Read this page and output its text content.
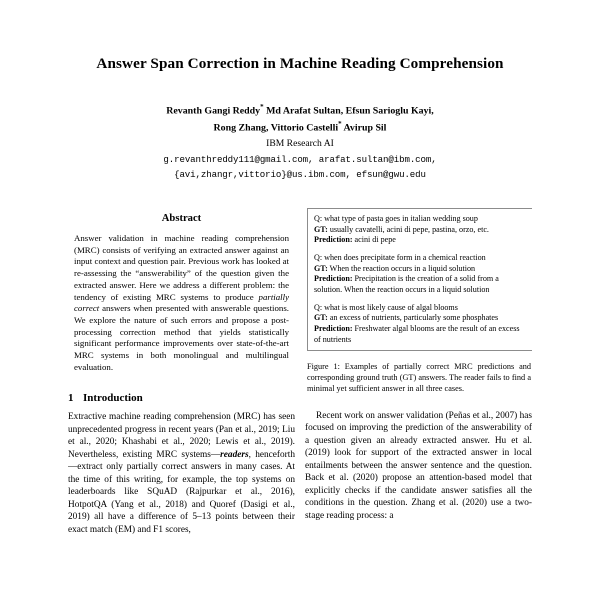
Answer Span Correction in Machine Reading Comprehension
Revanth Gangi Reddy* Md Arafat Sultan, Efsun Sarioglu Kayi,
Rong Zhang, Vittorio Castelli* Avirup Sil
IBM Research AI
g.revanthreddy111@gmail.com, arafat.sultan@ibm.com,
{avi,zhangr,vittorio}@us.ibm.com, efsun@gwu.edu
Abstract
Answer validation in machine reading comprehension (MRC) consists of verifying an extracted answer against an input context and question pair. Previous work has looked at re-assessing the “answerability” of the question given the extracted answer. Here we address a different problem: the tendency of existing MRC systems to produce partially correct answers when presented with answerable questions. We explore the nature of such errors and propose a post-processing correction method that yields statistically significant performance improvements over state-of-the-art MRC systems in both monolingual and multilingual evaluation.
1 Introduction
Extractive machine reading comprehension (MRC) has seen unprecedented progress in recent years (Pan et al., 2019; Liu et al., 2020; Khashabi et al., 2020; Lewis et al., 2019). Nevertheless, existing MRC systems—readers, henceforth—extract only partially correct answers in many cases. At the time of this writing, for example, the top systems on leaderboards like SQuAD (Rajpurkar et al., 2016), HotpotQA (Yang et al., 2018) and Quoref (Dasigi et al., 2019) all have a difference of 5–13 points between their exact match (EM) and F1 scores,
Q: what type of pasta goes in italian wedding soup
GT: usually cavatelli, acini di pepe, pastina, orzo, etc.
Prediction: acini di pepe
Q: when does precipitate form in a chemical reaction
GT: When the reaction occurs in a liquid solution
Prediction: Precipitation is the creation of a solid from a solution. When the reaction occurs in a liquid solution
Q: what is most likely cause of algal blooms
GT: an excess of nutrients, particularly some phosphates
Prediction: Freshwater algal blooms are the result of an excess of nutrients
Figure 1: Examples of partially correct MRC predictions and corresponding ground truth (GT) answers. The reader fails to find a minimal yet sufficient answer in all three cases.
Recent work on answer validation (Peñas et al., 2007) has focused on improving the prediction of the answerability of a question given an already extracted answer. Hu et al. (2019) look for support of the extracted answer in local entailments between the answer sentence and the question. Back et al. (2020) propose an attention-based model that explicitly checks if the candidate answer satisfies all the conditions in the question. Zhang et al. (2020) use a two-stage reading process: a
